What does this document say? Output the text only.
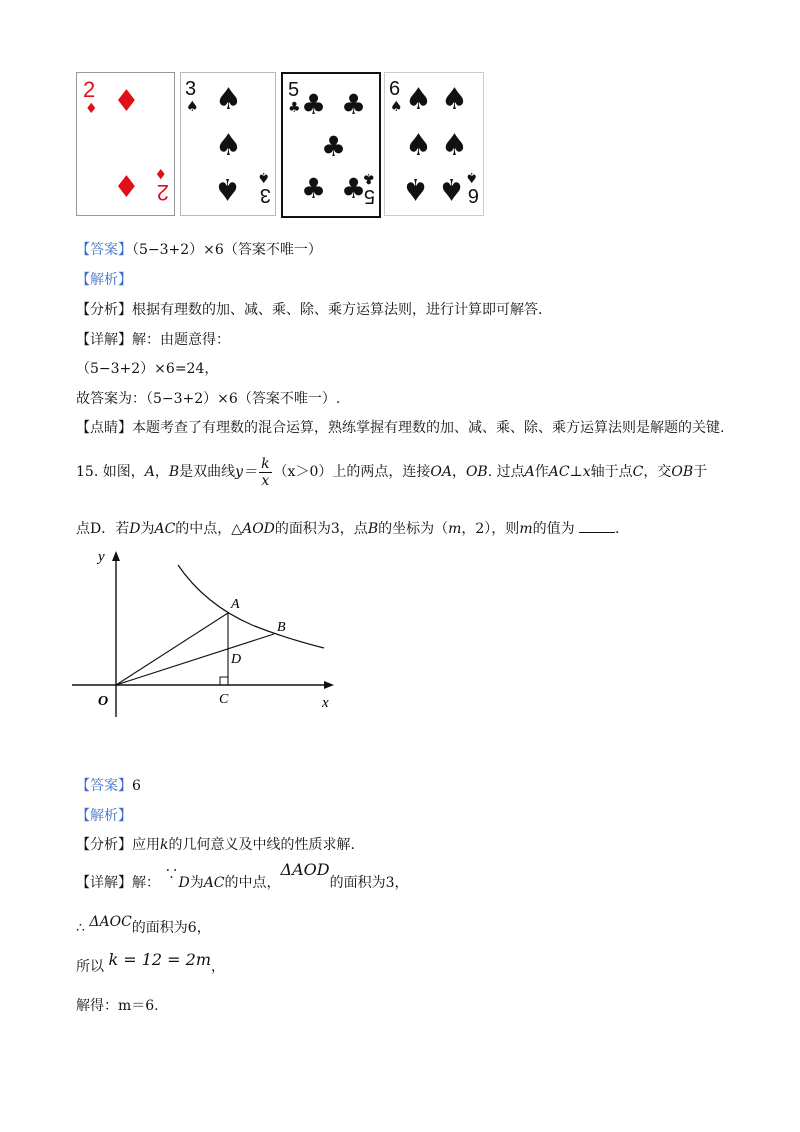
2
♦ ♦
♦ 2
♦
3
♠ ♠
♠
♠ 3
♠
5
♣ ♣ ♣
♣
♣ ♣
5
♣
6
♠ ♠ ♠
♠ ♠
♠ ♠ 6
♠
【答案】（5−3+2）×6（答案不唯一）
【解析】
【分析】根据有理数的加、减、乘、除、乘方运算法则，进行计算即可解答.
【详解】解：由题意得：
（5−3+2）×6=24，
故答案为：（5−3+2）×6（答案不唯一）.
【点睛】本题考查了有理数的混合运算，熟练掌握有理数的加、减、乘、除、乘方运算法则是解题的关键.
15. 如图，A，B是双曲线$y= \frac{k}{x} (x>0)$上的两点，连接OA，OB. 过点A作AC⊥x轴于点C，交OB于
点D．若D为AC的中点，△AOD的面积为3，点B的坐标为（m，2），则m的值为	.
y
x
O
A
B
C
D
【答案】6
【解析】
【分析】应用k的几何意义及中线的性质求解.
【详解】解： ∵D为AC的中点，ΔAOD的面积为3，
∴ ΔAOC的面积为6，
所以 k = 12 = 2m，
解得：m＝6.
